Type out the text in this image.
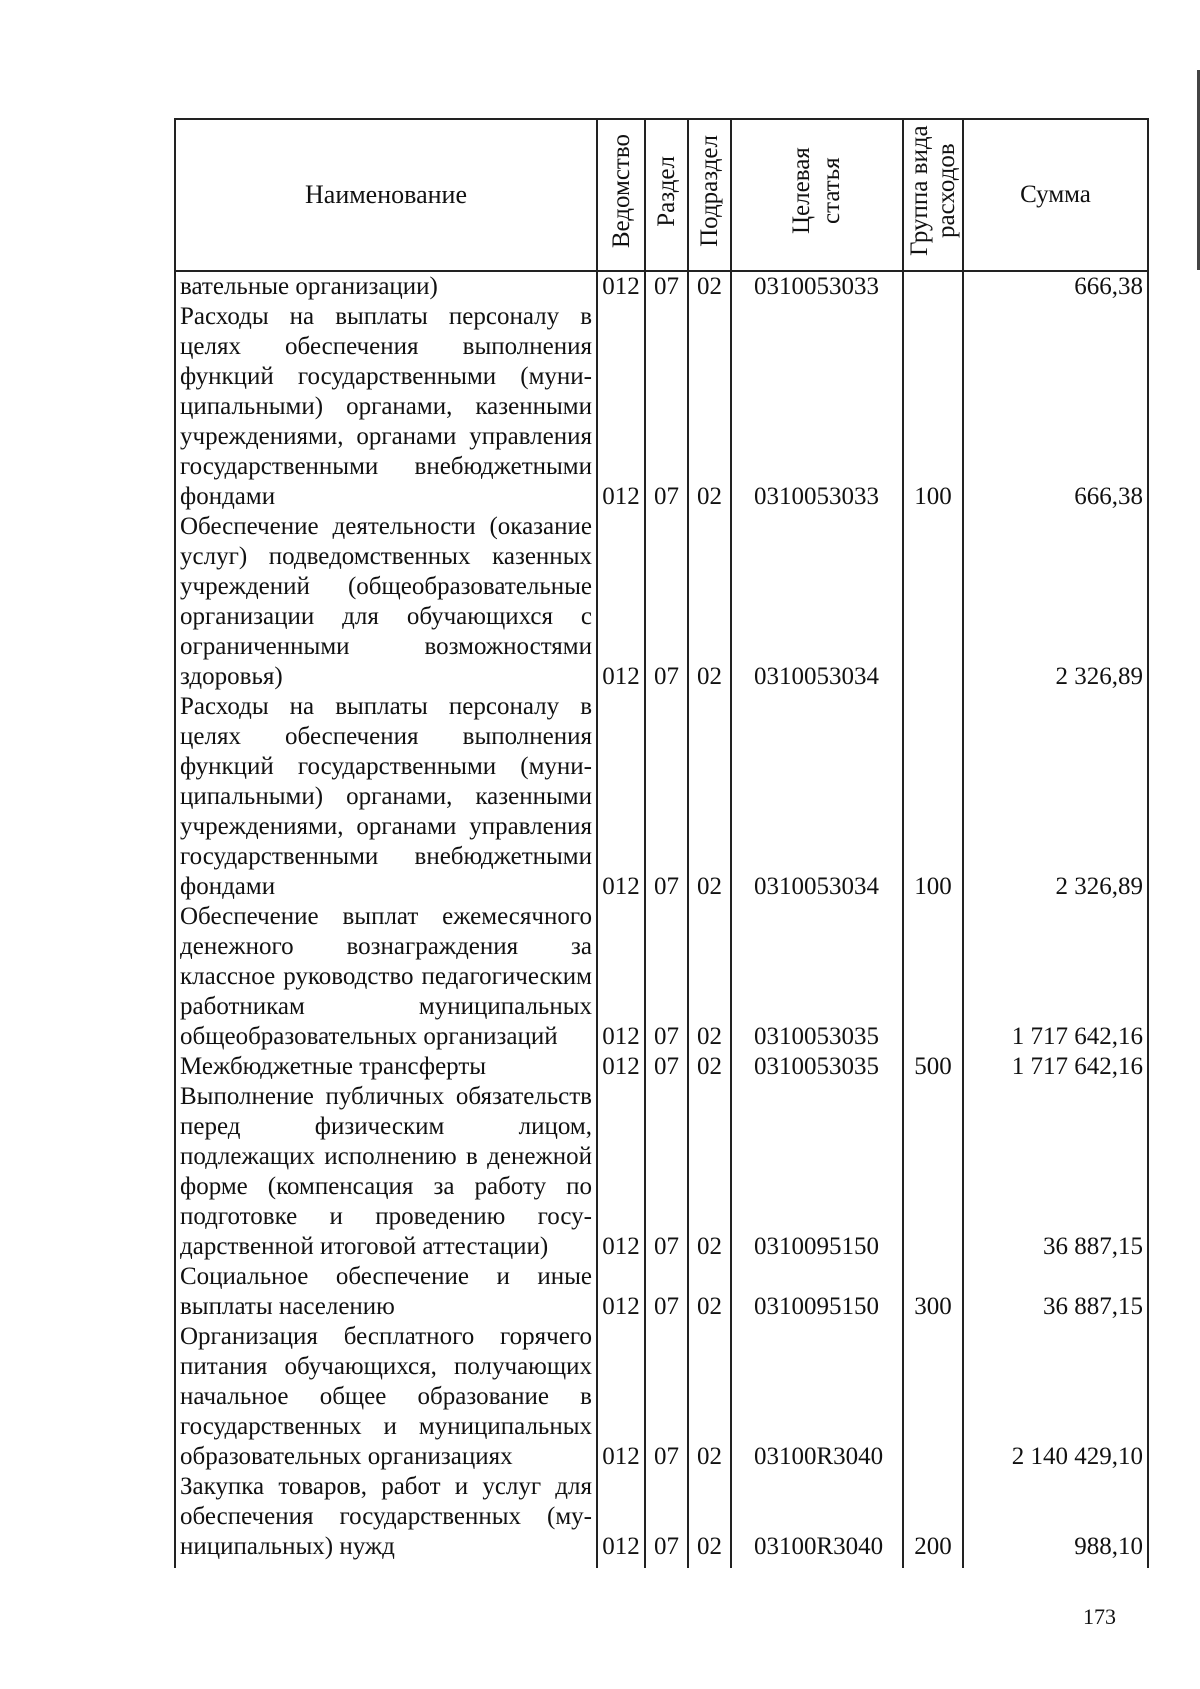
Наименование	Ведомство	Раздел	Подраздел	Целевая статья	Группа вида расходов	Сумма
вательные организации)	012	07	02	0310053033		666,38
Расходы на выплаты персоналу в целях обеспечения выполнения функций государственными (муниципальными) органами, казенными учреждениями, органами управления государственными внебюджетными фондами	012	07	02	0310053033	100	666,38
Обеспечение деятельности (оказание услуг) подведомственных казенных учреждений (общеобразовательные организации для обучающихся с ограниченными возможностями здоровья)	012	07	02	0310053034		2 326,89
Расходы на выплаты персоналу в целях обеспечения выполнения функций государственными (муниципальными) органами, казенными учреждениями, органами управления государственными внебюджетными фондами	012	07	02	0310053034	100	2 326,89
Обеспечение выплат ежемесячного денежного вознаграждения за классное руководство педагогическим работникам муниципальных общеобразовательных организаций	012	07	02	0310053035		1 717 642,16
Межбюджетные трансферты	012	07	02	0310053035	500	1 717 642,16
Выполнение публичных обязательств перед физическим лицом, подлежащих исполнению в денежной форме (компенсация за работу по подготовке и проведению государственной итоговой аттестации)	012	07	02	0310095150		36 887,15
Социальное обеспечение и иные выплаты населению	012	07	02	0310095150	300	36 887,15
Организация бесплатного горячего питания обучающихся, получающих начальное общее образование в государственных и муниципальных образовательных организациях	012	07	02	03100R3040		2 140 429,10
Закупка товаров, работ и услуг для обеспечения государственных (муниципальных) нужд	012	07	02	03100R3040	200	988,10
173
